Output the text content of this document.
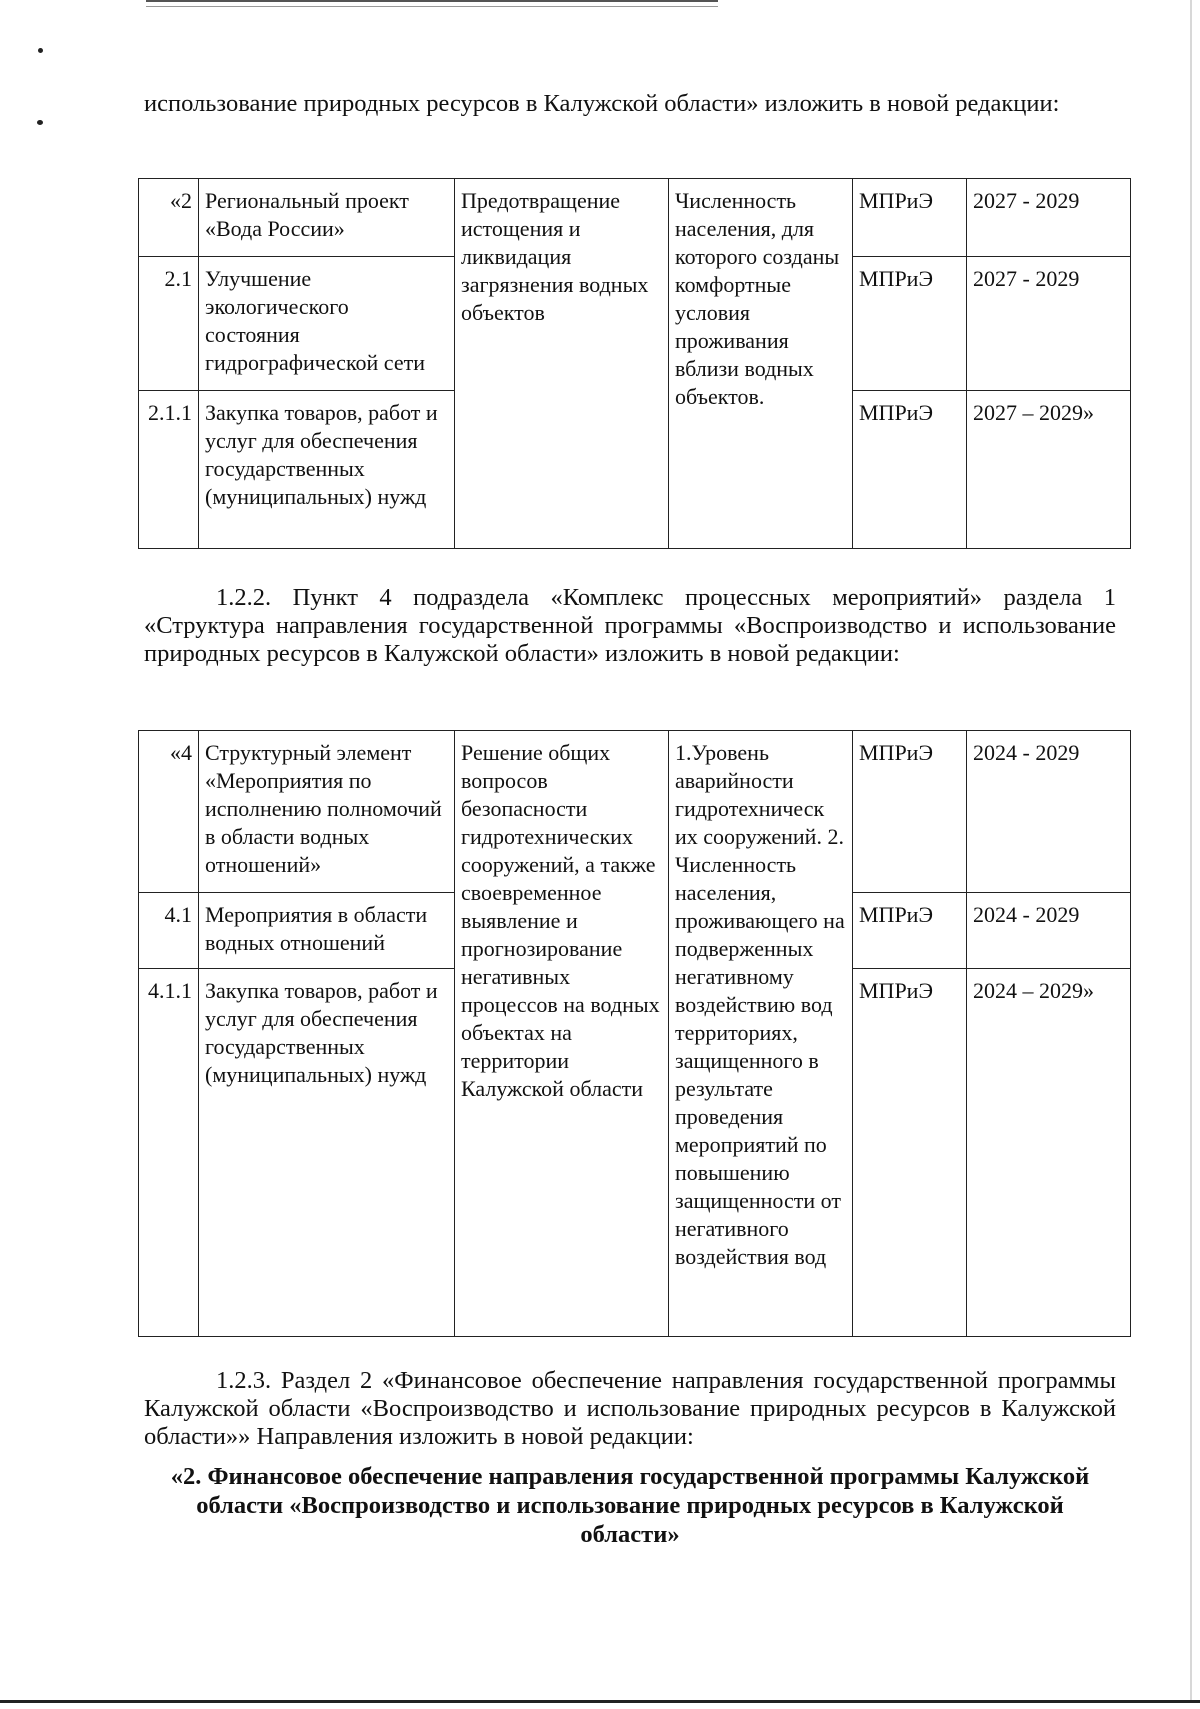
использование природных ресурсов в Калужской области» изложить в новой редакции:

«2	Региональный проект «Вода России»	Предотвращение истощения и ликвидация загрязнения водных объектов	Численность населения, для которого созданы комфортные условия проживания вблизи водных объектов.	МПРиЭ	2027 - 2029
2.1	Улучшение экологического состояния гидрографической сети			МПРиЭ	2027 - 2029
2.1.1	Закупка товаров, работ и услуг для обеспечения государственных (муниципальных) нужд			МПРиЭ	2027 – 2029»

1.2.2. Пункт 4 подраздела «Комплекс процессных мероприятий» раздела 1 «Структура направления государственной программы «Воспроизводство и использование природных ресурсов в Калужской области» изложить в новой редакции:

«4	Структурный элемент «Мероприятия по исполнению полномочий в области водных отношений»	Решение общих вопросов безопасности гидротехнических сооружений, а также своевременное выявление и прогнозирование негативных процессов на водных объектах на территории Калужской области	1.Уровень аварийности гидротехническ их сооружений. 2. Численность населения, проживающего на подверженных негативному воздействию вод территориях, защищенного в результате проведения мероприятий по повышению защищенности от негативного воздействия вод	МПРиЭ	2024 - 2029
4.1	Мероприятия в области водных отношений			МПРиЭ	2024 - 2029
4.1.1	Закупка товаров, работ и услуг для обеспечения государственных (муниципальных) нужд			МПРиЭ	2024 – 2029»

1.2.3. Раздел 2 «Финансовое обеспечение направления государственной программы Калужской области «Воспроизводство и использование природных ресурсов в Калужской области»» Направления изложить в новой редакции:

«2. Финансовое обеспечение направления государственной программы Калужской области «Воспроизводство и использование природных ресурсов в Калужской области»
